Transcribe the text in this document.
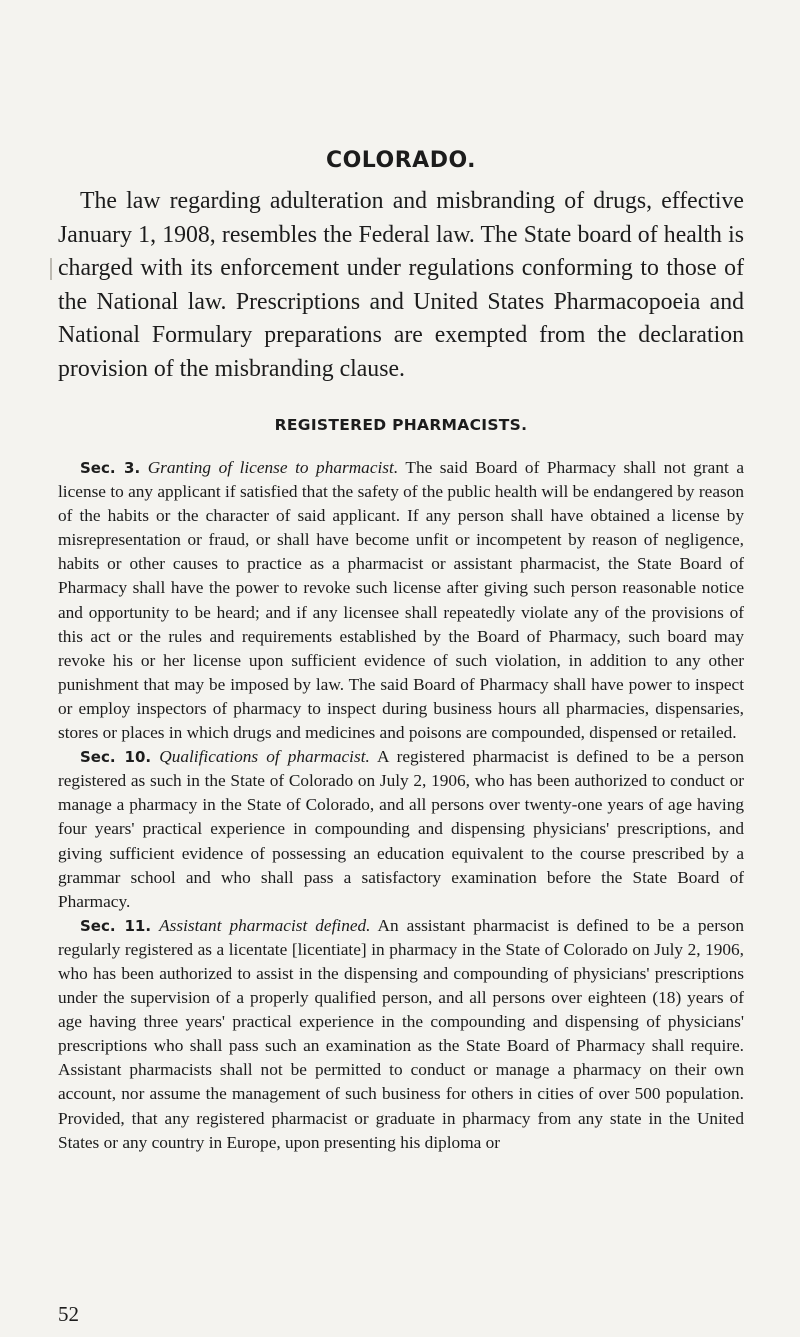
COLORADO.

The law regarding adulteration and misbranding of drugs, effective January 1, 1908, resembles the Federal law. The State board of health is charged with its enforcement under regulations conforming to those of the National law. Prescriptions and United States Pharmacopoeia and National Formulary preparations are exempted from the declaration provision of the misbranding clause.

REGISTERED PHARMACISTS.

Sec. 3. Granting of license to pharmacist. The said Board of Pharmacy shall not grant a license to any applicant if satisfied that the safety of the public health will be endangered by reason of the habits or the character of said applicant. If any person shall have obtained a license by misrepresentation or fraud, or shall have become unfit or incompetent by reason of negligence, habits or other causes to practice as a pharmacist or assistant pharmacist, the State Board of Pharmacy shall have the power to revoke such license after giving such person reasonable notice and opportunity to be heard; and if any licensee shall repeatedly violate any of the provisions of this act or the rules and requirements established by the Board of Pharmacy, such board may revoke his or her license upon sufficient evidence of such violation, in addition to any other punishment that may be imposed by law. The said Board of Pharmacy shall have power to inspect or employ inspectors of pharmacy to inspect during business hours all pharmacies, dispensaries, stores or places in which drugs and medicines and poisons are compounded, dispensed or retailed.

Sec. 10. Qualifications of pharmacist. A registered pharmacist is defined to be a person registered as such in the State of Colorado on July 2, 1906, who has been authorized to conduct or manage a pharmacy in the State of Colorado, and all persons over twenty-one years of age having four years' practical experience in compounding and dispensing physicians' prescriptions, and giving sufficient evidence of possessing an education equivalent to the course prescribed by a grammar school and who shall pass a satisfactory examination before the State Board of Pharmacy.

Sec. 11. Assistant pharmacist defined. An assistant pharmacist is defined to be a person regularly registered as a licentate [licentiate] in pharmacy in the State of Colorado on July 2, 1906, who has been authorized to assist in the dispensing and compounding of physicians' prescriptions under the supervision of a properly qualified person, and all persons over eighteen (18) years of age having three years' practical experience in the compounding and dispensing of physicians' prescriptions who shall pass such an examination as the State Board of Pharmacy shall require. Assistant pharmacists shall not be permitted to conduct or manage a pharmacy on their own account, nor assume the management of such business for others in cities of over 500 population. Provided, that any registered pharmacist or graduate in pharmacy from any state in the United States or any country in Europe, upon presenting his diploma or

52
